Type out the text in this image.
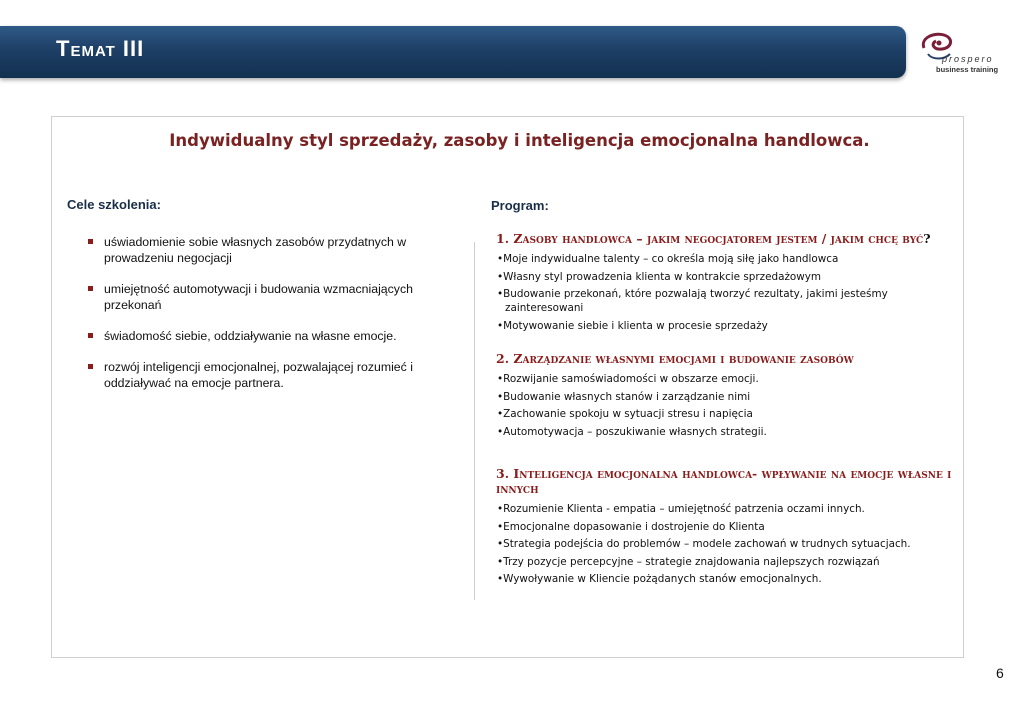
Temat III	prospero
business training
Indywidualny styl sprzedaży, zasoby i inteligencja emocjonalna handlowca.
Cele szkolenia:
uświadomienie sobie własnych zasobów przydatnych w prowadzeniu negocjacji
umiejętność automotywacji i budowania wzmacniających przekonań
świadomość siebie, oddziaływanie na własne emocje.
rozwój inteligencji emocjonalnej, pozwalającej rozumieć i oddziaływać na emocje partnera.
Program:
1. Zasoby handlowca – jakim negocjatorem jestem / jakim chcę być?
•Moje indywidualne talenty – co określa moją siłę jako handlowca
•Własny styl prowadzenia klienta w kontrakcie sprzedażowym
•Budowanie przekonań, które pozwalają tworzyć rezultaty, jakimi jesteśmy zainteresowani
•Motywowanie siebie i klienta w procesie sprzedaży
2. Zarządzanie własnymi emocjami i budowanie zasobów
•Rozwijanie samoświadomości w obszarze emocji.
•Budowanie własnych stanów i zarządzanie nimi
•Zachowanie spokoju w sytuacji stresu i napięcia
•Automotywacja – poszukiwanie własnych strategii.
3. Inteligencja emocjonalna handlowca- wpływanie na emocje własne i innych
•Rozumienie Klienta - empatia – umiejętność patrzenia oczami innych.
•Emocjonalne dopasowanie i dostrojenie do Klienta
•Strategia podejścia do problemów – modele zachowań w trudnych sytuacjach.
•Trzy pozycje percepcyjne – strategie znajdowania najlepszych rozwiązań
•Wywoływanie w Kliencie pożądanych stanów emocjonalnych.
6
